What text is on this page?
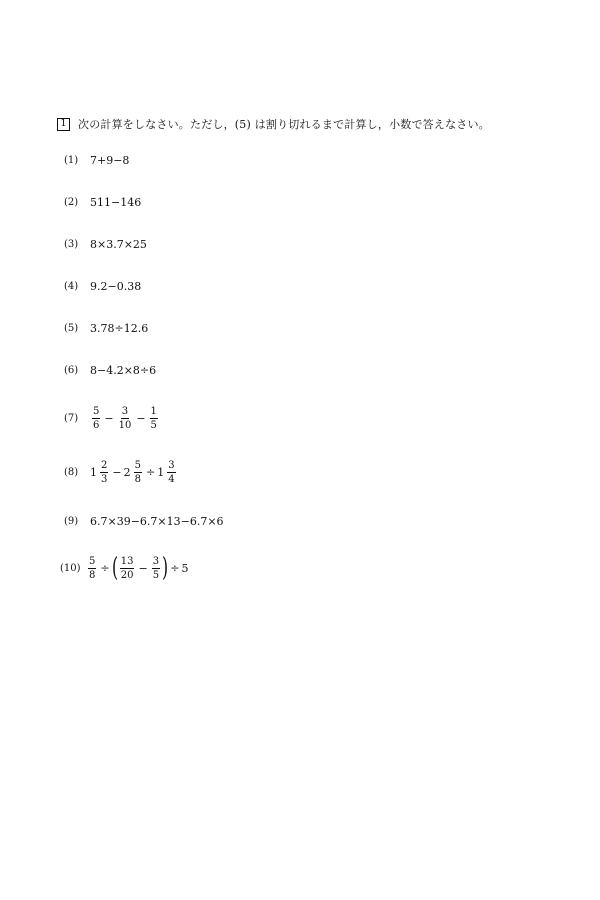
1	次の計算をしなさい。ただし，(5) は割り切れるまで計算し，小数で答えなさい。
(1)	7+9−8
(2)	511−146
(3)	8×3.7×25
(4)	9.2−0.38
(5)	3.78÷12.6
(6)	8−4.2×8÷6
(7)	$\frac{5}{6} - \frac{3}{10} - \frac{1}{5}$
(8)	$1 \frac{2}{3} - 2 \frac{5}{8} \div 1 \frac{3}{4}$
(9)	6.7×39−6.7×13−6.7×6
$(10) \frac{5}{8}$ ÷ ( $\frac{13}{20} - \frac{3}{5}$ ) ÷ 5
